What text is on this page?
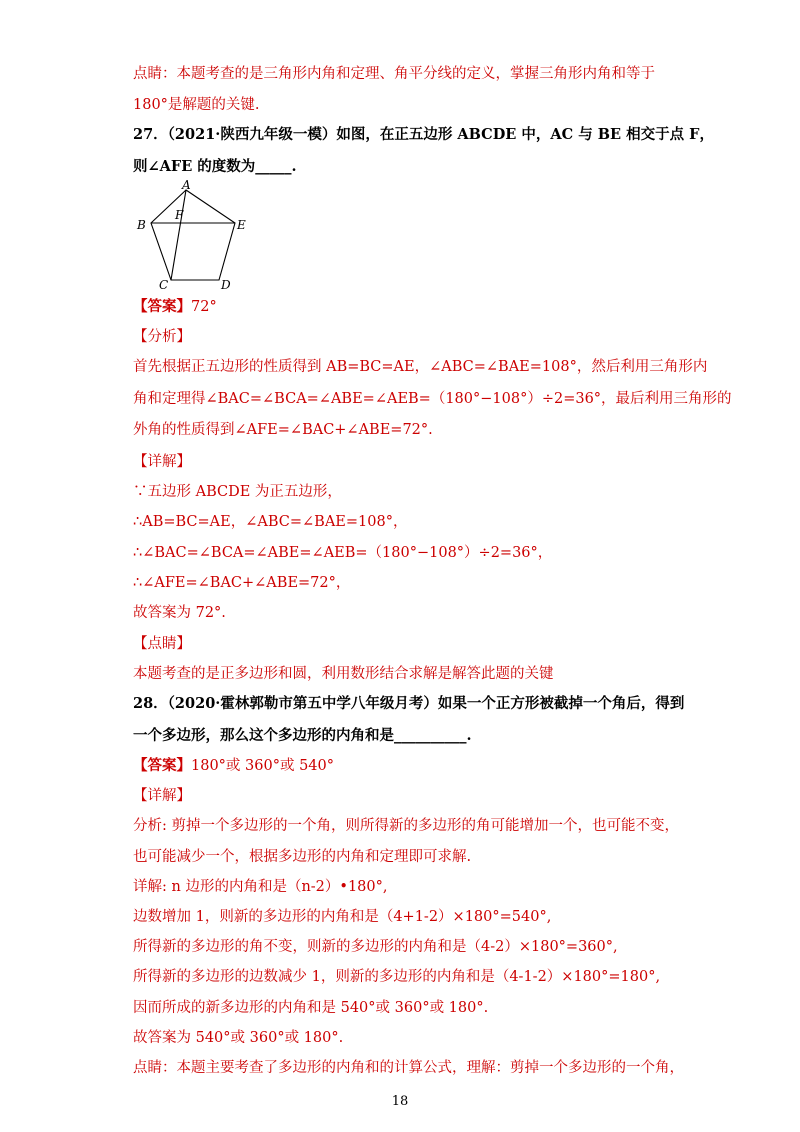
点睛：本题考查的是三角形内角和定理、角平分线的定义，掌握三角形内角和等于
180°是解题的关键.
27．（2021·陕西九年级一模）如图，在正五边形 ABCDE 中，AC 与 BE 相交于点 F，
则∠AFE 的度数为_____.
【答案】72°
【分析】
首先根据正五边形的性质得到 AB=BC=AE，∠ABC=∠BAE=108°，然后利用三角形内
角和定理得∠BAC=∠BCA=∠ABE=∠AEB=（180°−108°）÷2=36°，最后利用三角形的
外角的性质得到∠AFE=∠BAC+∠ABE=72°.
【详解】
∵五边形 ABCDE 为正五边形，
∴AB=BC=AE，∠ABC=∠BAE=108°，
∴∠BAC=∠BCA=∠ABE=∠AEB=（180°−108°）÷2=36°，
∴∠AFE=∠BAC+∠ABE=72°，
故答案为 72°.
【点睛】
本题考查的是正多边形和圆，利用数形结合求解是解答此题的关键
28．（2020·霍林郭勒市第五中学八年级月考）如果一个正方形被截掉一个角后，得到
一个多边形，那么这个多边形的内角和是__________.
【答案】180°或 360°或 540°
【详解】
分析: 剪掉一个多边形的一个角，则所得新的多边形的角可能增加一个，也可能不变，
也可能减少一个，根据多边形的内角和定理即可求解.
详解: n 边形的内角和是（n-2）•180°,
边数增加 1，则新的多边形的内角和是（4+1-2）×180°=540°,
所得新的多边形的角不变，则新的多边形的内角和是（4-2）×180°=360°,
所得新的多边形的边数减少 1，则新的多边形的内角和是（4-1-2）×180°=180°,
因而所成的新多边形的内角和是 540°或 360°或 180°.
故答案为 540°或 360°或 180°.
点睛：本题主要考查了多边形的内角和的计算公式，理解：剪掉一个多边形的一个角，
A
B
C	D
E
F
18
